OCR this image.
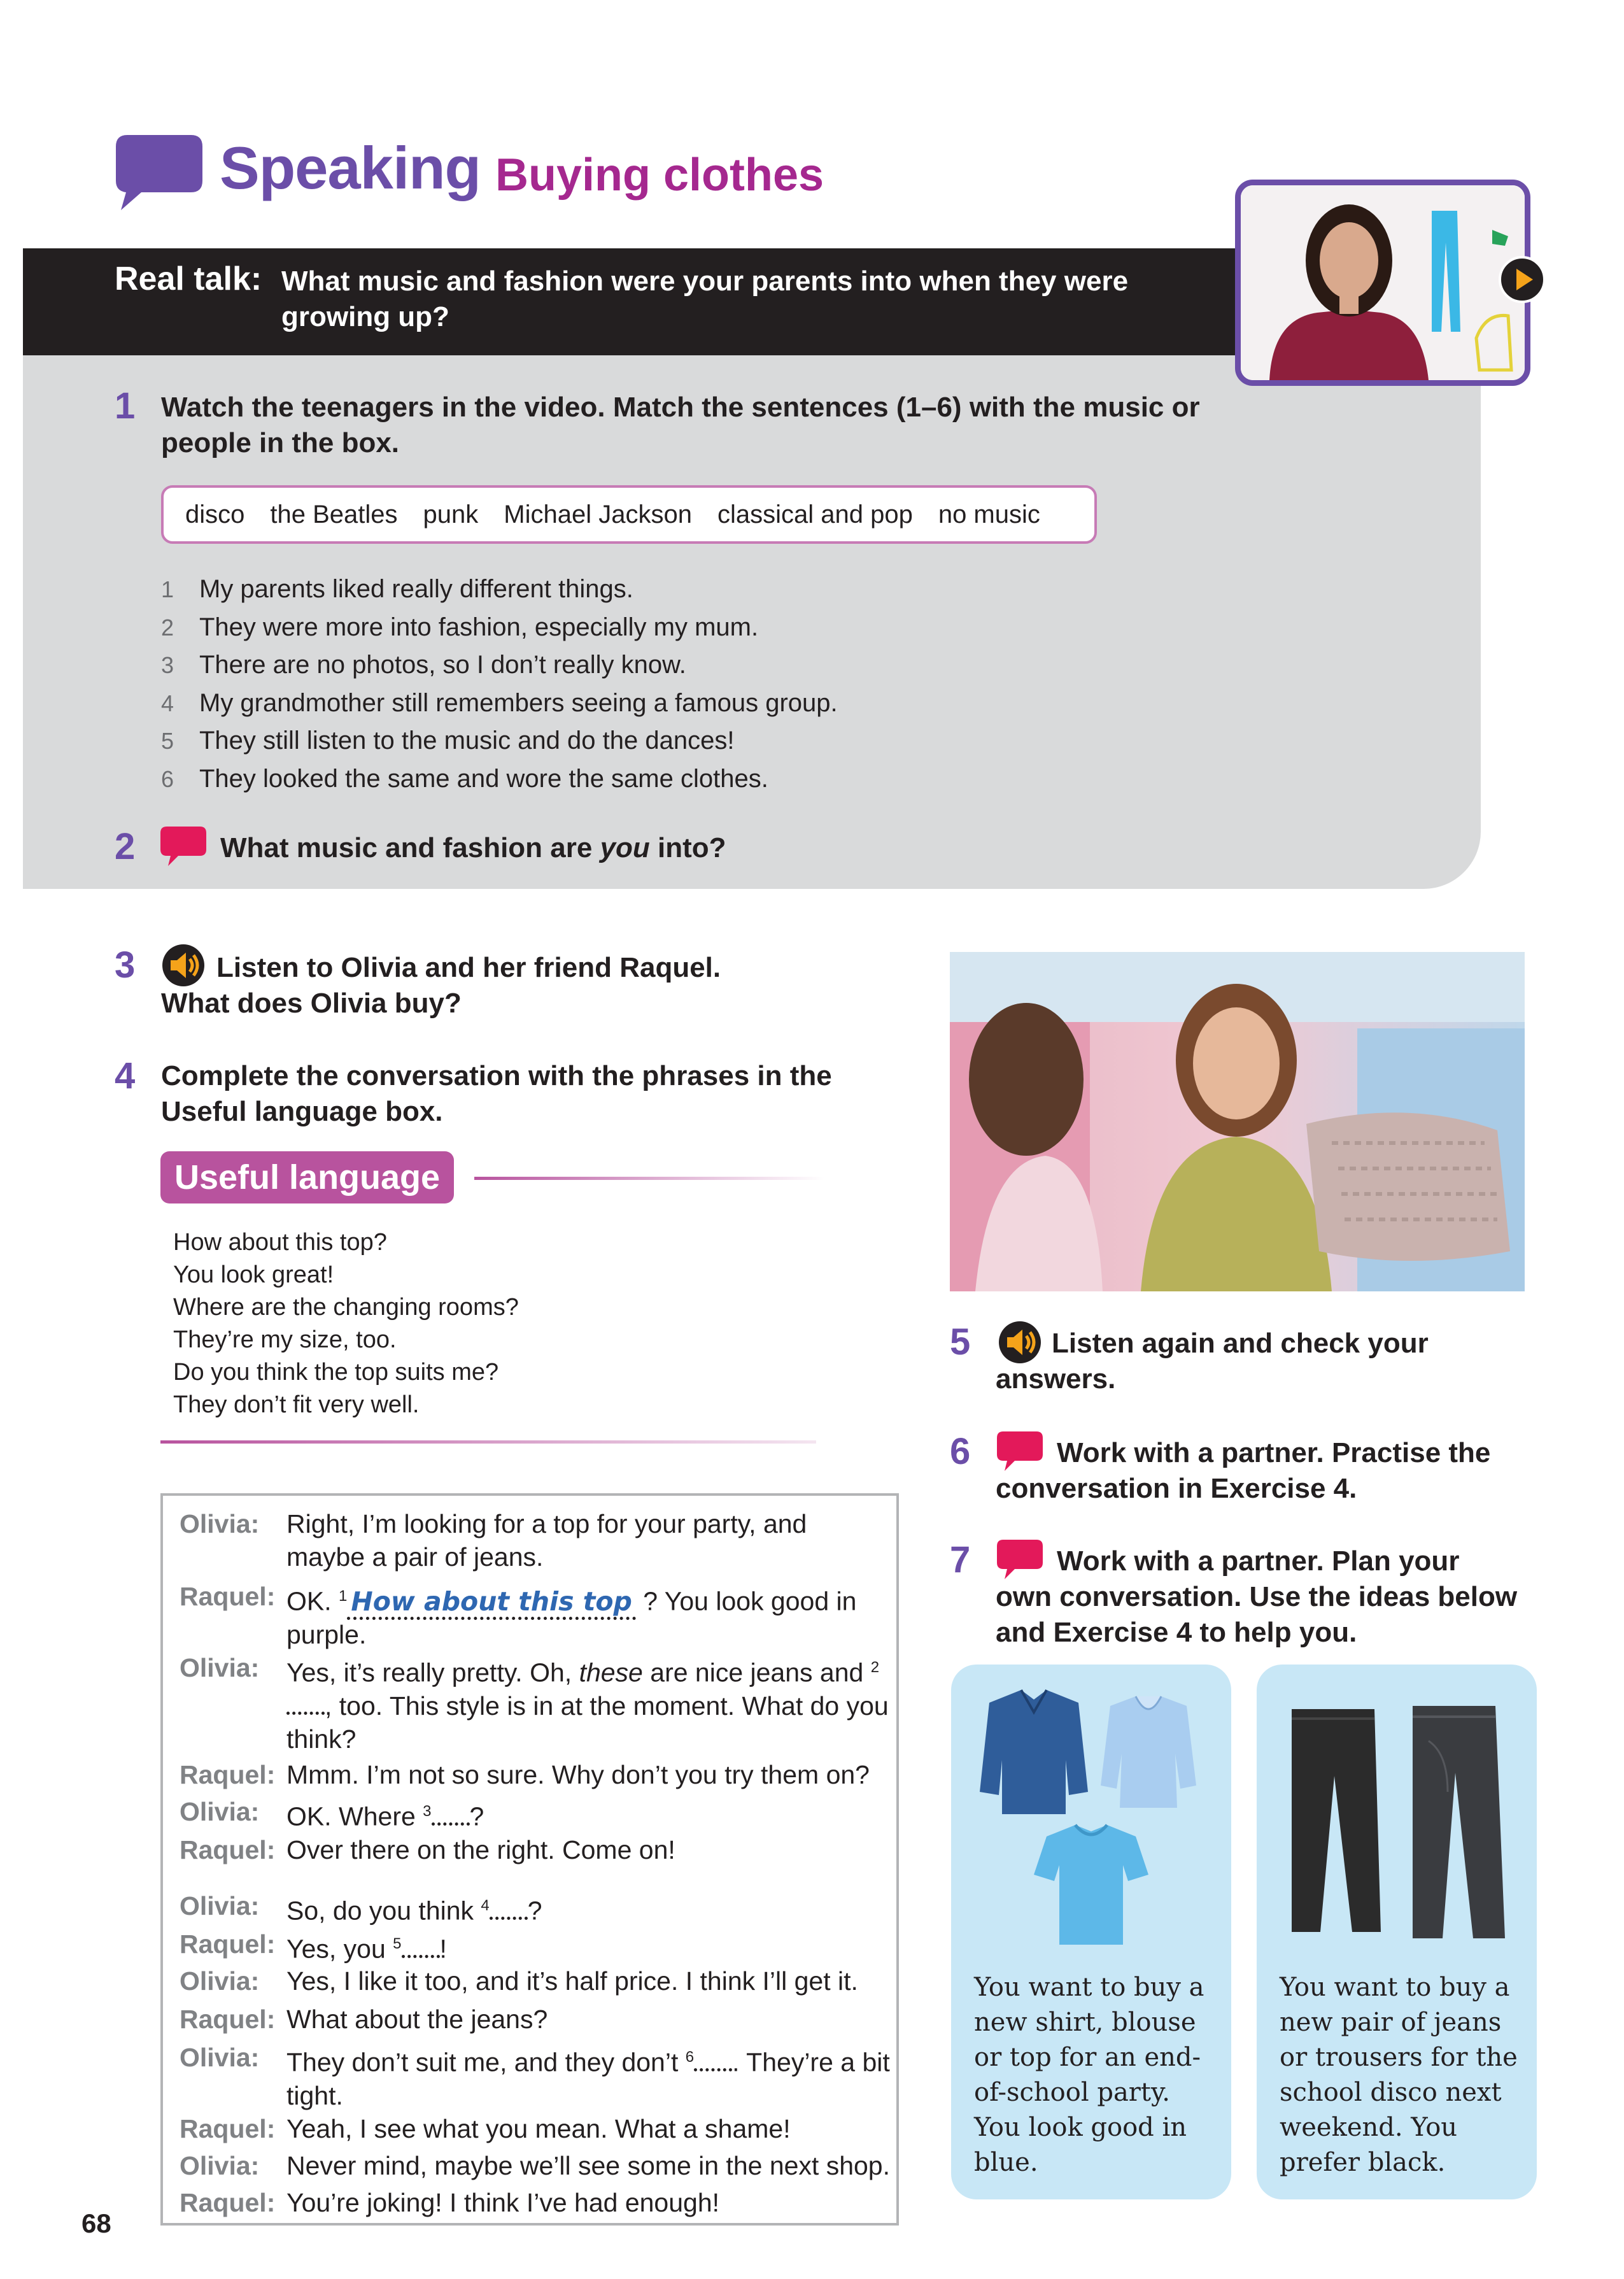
Speaking Buying clothes
Real talk: What music and fashion were your parents into when they were growing up?
1 Watch the teenagers in the video. Match the sentences (1–6) with the music or people in the box.
disco the Beatles punk Michael Jackson classical and pop no music
1 My parents liked really different things.
2 They were more into fashion, especially my mum.
3 There are no photos, so I don’t really know.
4 My grandmother still remembers seeing a famous group.
5 They still listen to the music and do the dances!
6 They looked the same and wore the same clothes.
2	What music and fashion are you into?
3	Listen to Olivia and her friend Raquel.
What does Olivia buy?
4 Complete the conversation with the phrases in the Useful language box.
Useful language
How about this top?
You look great!
Where are the changing rooms?
They’re my size, too.
Do you think the top suits me?
They don’t fit very well.
Olivia:	Right, I’m looking for a top for your party, and maybe a pair of jeans.
Raquel: OK. $^1$ How about this top ? You look good in purple.
Olivia:	Yes, it’s really pretty. Oh, these are nice jeans and $^2$, too. This style is in at the moment. What do you think?
Raquel: Mmm. I’m not so sure. Why don’t you try them on?
Olivia:	OK. Where $^3$ ?
Raquel: Over there on the right. Come on!
Olivia:	So, do you think $^4$ ?
Raquel: Yes, you $^5$ !
Olivia:	Yes, I like it too, and it’s half price. I think I’ll get it.
Raquel: What about the jeans?
Olivia:	They don’t suit me, and they don’t $^6$ . They’re a bit tight.
Raquel: Yeah, I see what you mean. What a shame!
Olivia:	Never mind, maybe we’ll see some in the next shop.
Raquel: You’re joking! I think I’ve had enough!
5	Listen again and check your
answers.
6	Work with a partner. Practise the
conversation in Exercise 4.
7	Work with a partner. Plan your
own conversation. Use the ideas below and Exercise 4 to help you.
You want to buy a new shirt, blouse or top for an end-of-school party. You look good in blue.
You want to buy a new pair of jeans or trousers for the school disco next weekend. You prefer black.
68
